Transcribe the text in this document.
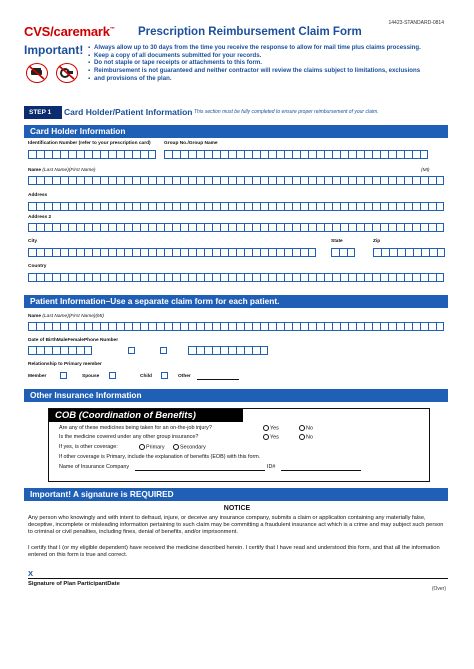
CVS/caremark™ Prescription Reimbursement Claim Form
14423-STANDARD-0814
Important!
▪	Always allow up to 30 days from the time you receive the response to allow for mail time plus claims processing.
▪ Keep a copy of all documents submitted for your records.
▪ Do not staple or tape receipts or attachments to this form.
▪ Reimbursement is not guaranteed and neither contractor will review the claims subject to limitations, exclusions
▪ and provisions of the plan.
STEP 1	Card Holder/Patient Information This section must be fully completed to ensure proper reimbursement of your claim.
Card Holder Information
Identification Number (refer to your prescription card)	Group No./Group Name
Name (Last Name)(First Name)	(MI)
Address
Address 2
City	State	Zip
Country
Patient Information–Use a separate claim form for each patient.
Name (Last Name)(First Name)(MI)
Date of BirthMaleFemalePhone Number
Relationship to Primary member
Member	Spouse	Child	Other
Other Insurance Information
COB (Coordination of Benefits)
Are any of these medicines being taken for an on-the-job injury?	Yes	No
Is the medicine covered under any other group insurance?	Yes	No
If yes, is other coverage:	Primary	Secondary
If other coverage is Primary, include the explanation of benefits (EOB) with this form.
Name of Insurance Company	ID#
Important! A signature is REQUIRED
NOTICE
Any person who knowingly and with intent to defraud, injure, or deceive any insurance company, submits a claim or application containing any materially false, deceptive, incomplete or misleading information pertaining to such claim may be committing a fraudulent insurance act which is a crime and may subject such person to criminal or civil penalties, including fines, denial of benefits, and/or imprisonment.
I certify that I (or my eligible dependent) have received the medicine described herein. I certify that I have read and understood this form, and that all the information entered on this form is true and correct.
X
Signature of Plan ParticipantDate
(Over)
